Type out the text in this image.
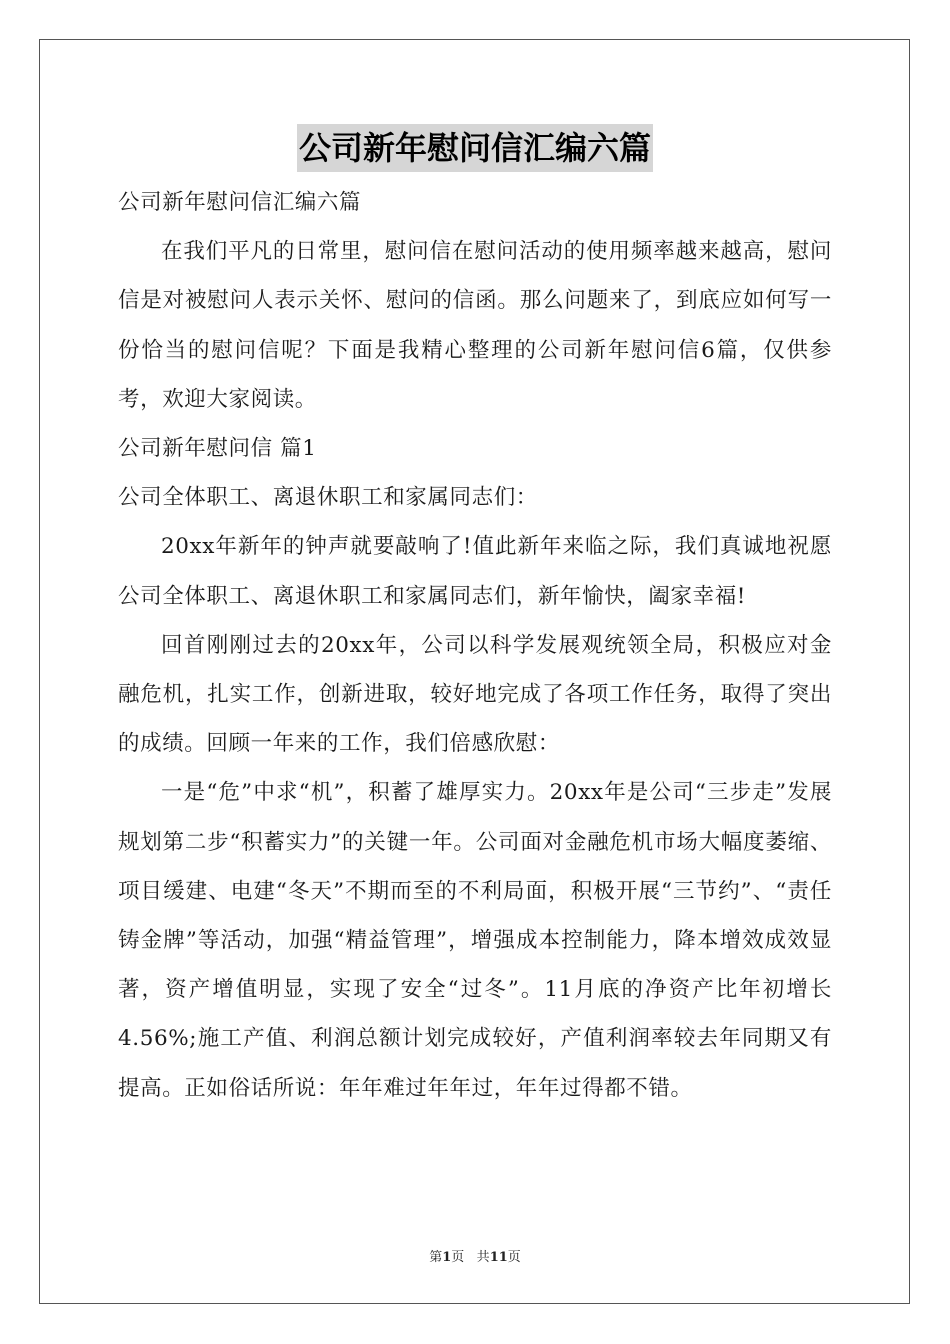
公司新年慰问信汇编六篇

公司新年慰问信汇编六篇

在我们平凡的日常里，慰问信在慰问活动的使用频率越来越高，慰问信是对被慰问人表示关怀、慰问的信函。那么问题来了，到底应如何写一份恰当的慰问信呢？下面是我精心整理的公司新年慰问信6篇，仅供参考，欢迎大家阅读。

公司新年慰问信 篇1

公司全体职工、离退休职工和家属同志们：

20xx年新年的钟声就要敲响了!值此新年来临之际，我们真诚地祝愿公司全体职工、离退休职工和家属同志们，新年愉快，阖家幸福!

回首刚刚过去的20xx年，公司以科学发展观统领全局，积极应对金融危机，扎实工作，创新进取，较好地完成了各项工作任务，取得了突出的成绩。回顾一年来的工作，我们倍感欣慰：

一是“危”中求“机”，积蓄了雄厚实力。20xx年是公司“三步走”发展规划第二步“积蓄实力”的关键一年。公司面对金融危机市场大幅度萎缩、项目缓建、电建“冬天”不期而至的不利局面，积极开展“三节约”、“责任铸金牌”等活动，加强“精益管理”，增强成本控制能力，降本增效成效显著，资产增值明显，实现了安全“过冬”。11月底的净资产比年初增长4.56%;施工产值、利润总额计划完成较好，产值利润率较去年同期又有提高。正如俗话所说：年年难过年年过，年年过得都不错。

第1页 共11页
